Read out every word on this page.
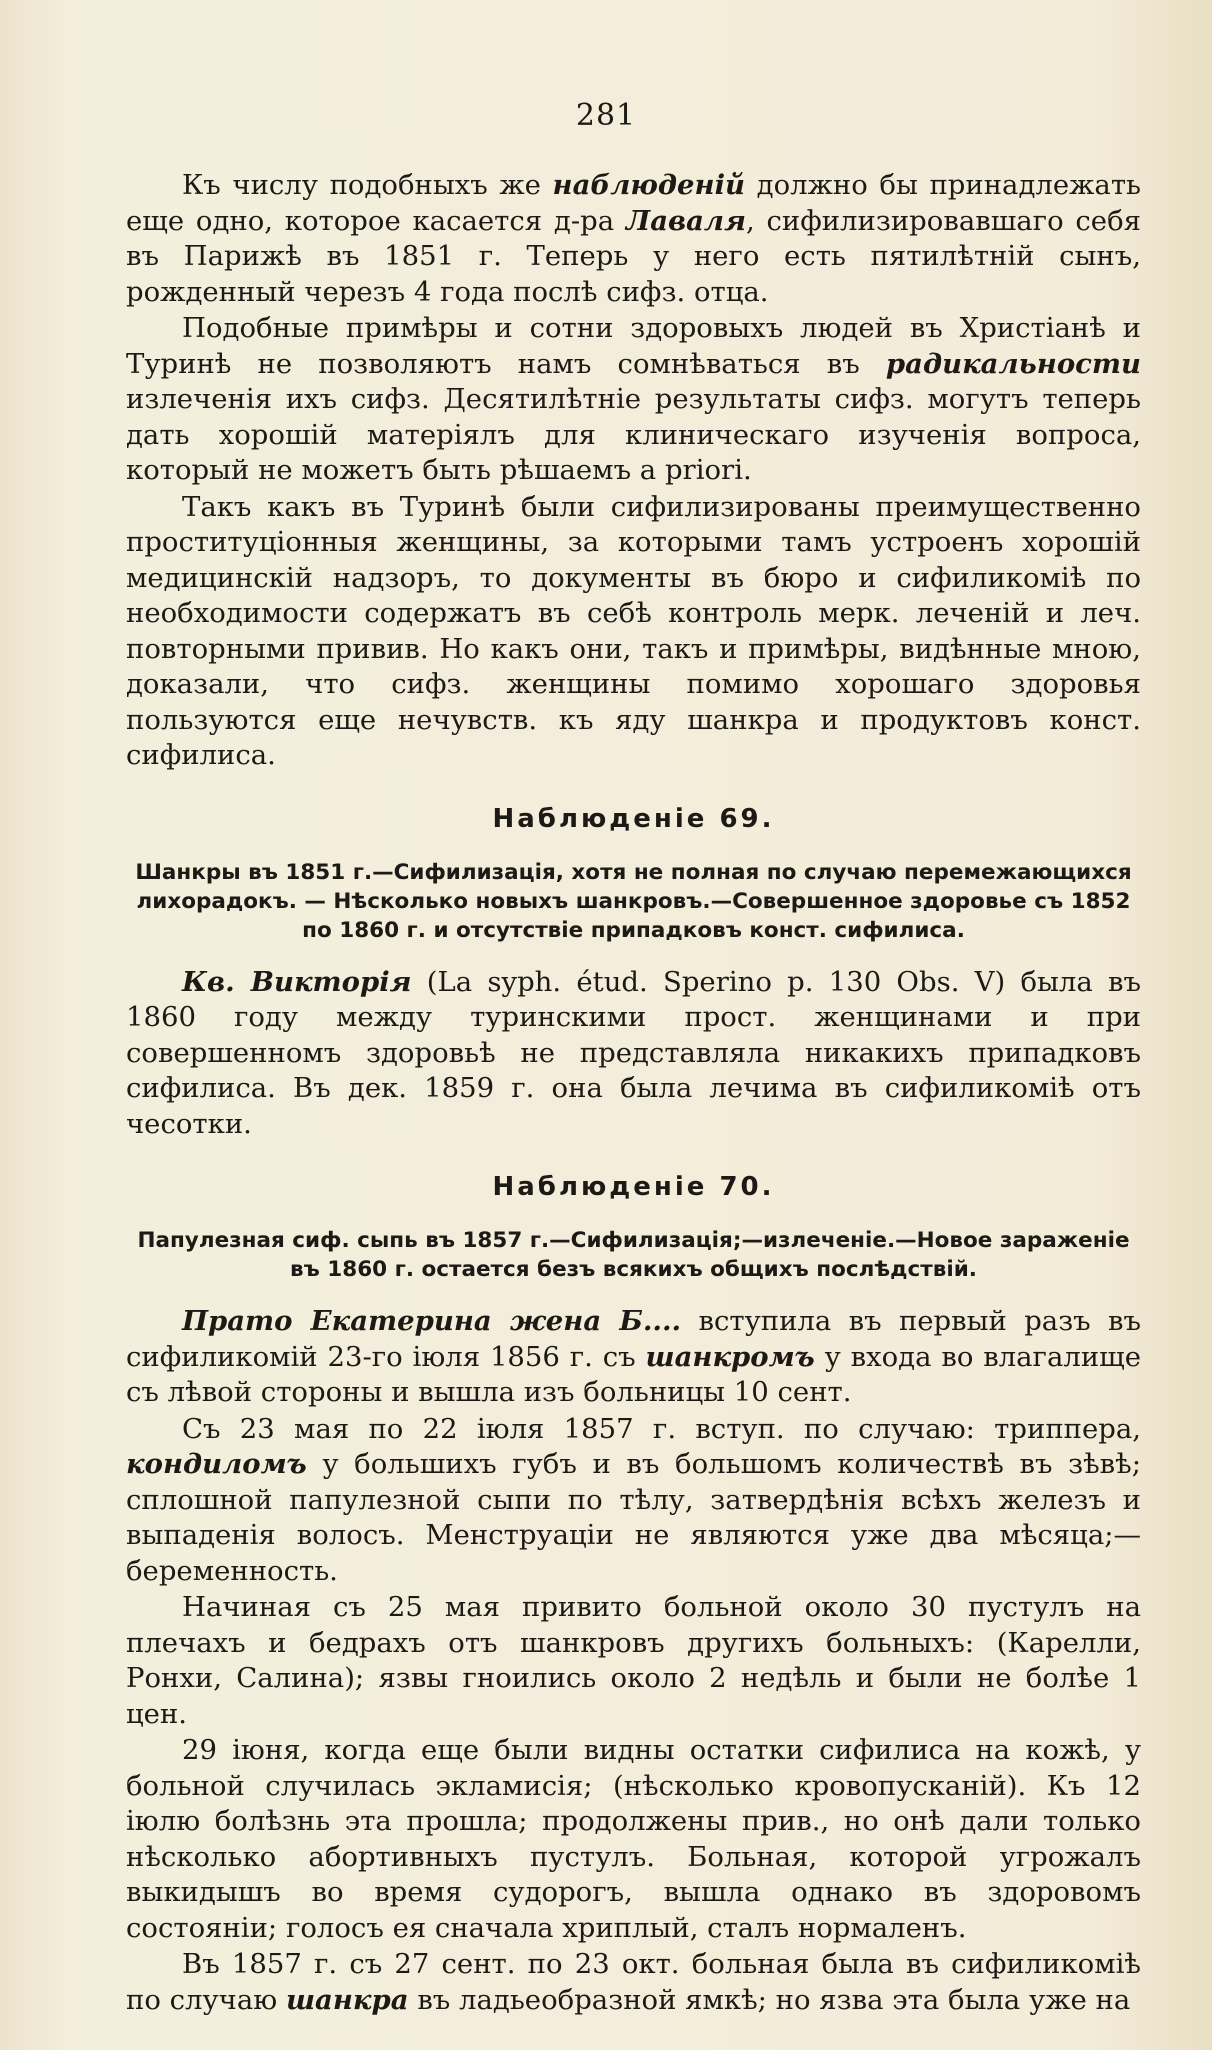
281

Къ числу подобныхъ же наблюденій должно бы принадлежать еще одно, которое касается д-ра Лаваля, сифилизировавшаго себя въ Парижѣ въ 1851 г. Теперь у него есть пятилѣтній сынъ, рожденный черезъ 4 года послѣ сифз. отца.

Подобные примѣры и сотни здоровыхъ людей въ Христіанѣ и Туринѣ не позволяютъ намъ сомнѣваться въ радикальности излеченія ихъ сифз. Десятилѣтніе результаты сифз. могутъ теперь дать хорошій матеріялъ для клиническаго изученія вопроса, который не можетъ быть рѣшаемъ a priori.

Такъ какъ въ Туринѣ были сифилизированы преимущественно проституціонныя женщины, за которыми тамъ устроенъ хорошій медицинскій надзоръ, то документы въ бюро и сифиликоміѣ по необходимости содержатъ въ себѣ контроль мерк. леченій и леч. повторными привив. Но какъ они, такъ и примѣры, видѣнные мною, доказали, что сифз. женщины помимо хорошаго здоровья пользуются еще нечувств. къ яду шанкра и продуктовъ конст. сифилиса.

Наблюденіе 69.
Шанкры въ 1851 г.—Сифилизація, хотя не полная по случаю перемежающихся лихорадокъ. — Нѣсколько новыхъ шанкровъ.—Совершенное здоровье съ 1852 по 1860 г. и отсутствіе припадковъ конст. сифилиса.

Кв. Викторія (La syph. étud. Sperino p. 130 Obs. V) была въ 1860 году между туринскими прост. женщинами и при совершенномъ здоровьѣ не представляла никакихъ припадковъ сифилиса. Въ дек. 1859 г. она была лечима въ сифиликоміѣ отъ чесотки.

Наблюденіе 70.
Папулезная сиф. сыпь въ 1857 г.—Сифилизація;—излеченіе.—Новое зараженіе въ 1860 г. остается безъ всякихъ общихъ послѣдствій.

Прато Екатерина жена Б.... вступила въ первый разъ въ сифиликомій 23-го іюля 1856 г. съ шанкромъ у входа во влагалище съ лѣвой стороны и вышла изъ больницы 10 сент.

Съ 23 мая по 22 іюля 1857 г. вступ. по случаю: триппера, кондиломъ у большихъ губъ и въ большомъ количествѣ въ зѣвѣ; сплошной папулезной сыпи по тѣлу, затвердѣнія всѣхъ железъ и выпаденія волосъ. Менструаціи не являются уже два мѣсяца;—беременность.

Начиная съ 25 мая привито больной около 30 пустулъ на плечахъ и бедрахъ отъ шанкровъ другихъ больныхъ: (Карелли, Ронхи, Салина); язвы гноились около 2 недѣль и были не болѣе 1 цен.

29 іюня, когда еще были видны остатки сифилиса на кожѣ, у больной случилась экламисія; (нѣсколько кровопусканій). Къ 12 іюлю болѣзнь эта прошла; продолжены прив., но онѣ дали только нѣсколько абортивныхъ пустулъ. Больная, которой угрожалъ выкидышъ во время судорогъ, вышла однако въ здоровомъ состояніи; голосъ ея сначала хриплый, сталъ нормаленъ.

Въ 1857 г. съ 27 сент. по 23 окт. больная была въ сифиликоміѣ по случаю шанкра въ ладьеобразной ямкѣ; но язва эта была уже на
